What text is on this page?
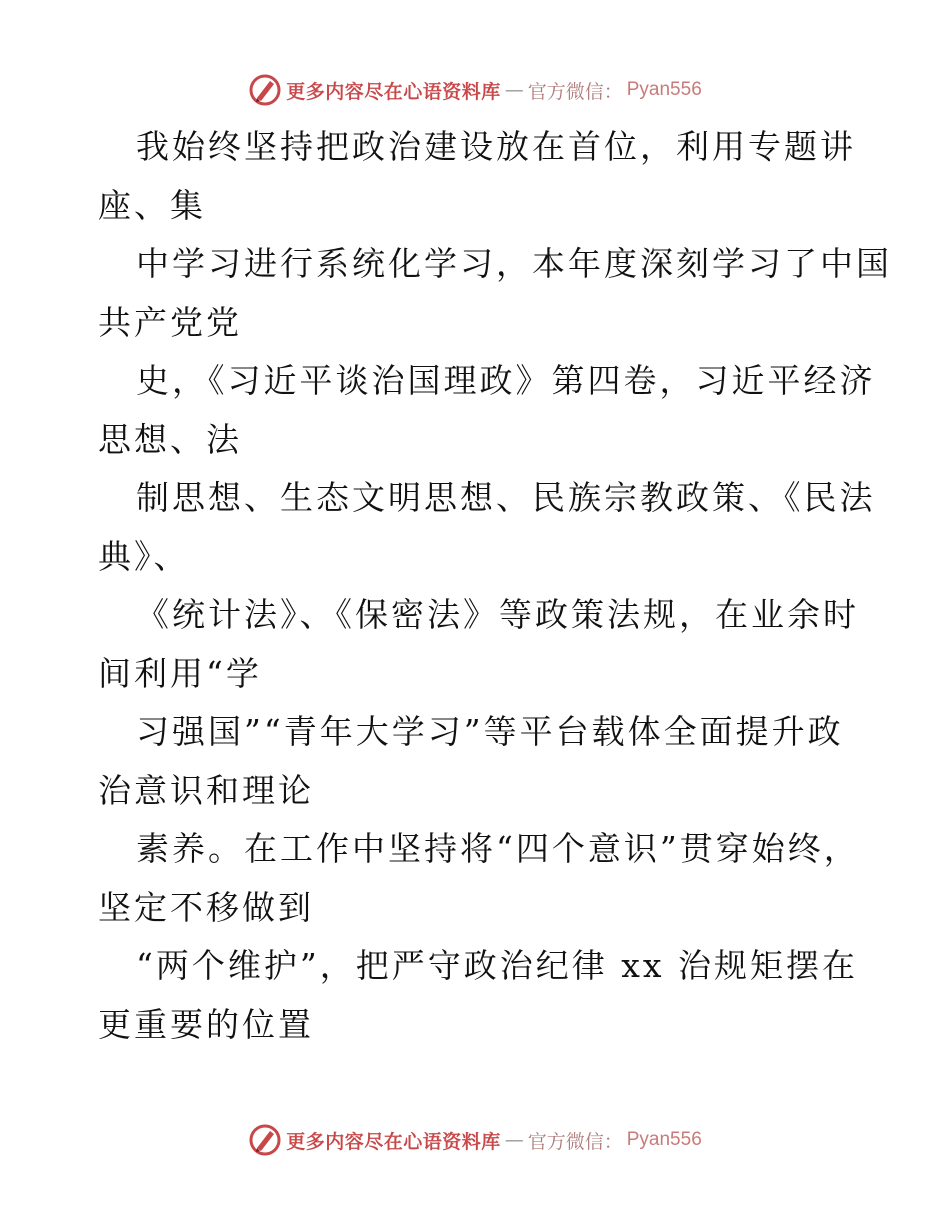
更多内容尽在心语资料库 — 官方微信： Pyan556
我始终坚持把政治建设放在首位，利用专题讲
座、集
中学习进行系统化学习，本年度深刻学习了中国
共产党党
史，《习近平谈治国理政》第四卷，习近平经济
思想、法
制思想、生态文明思想、民族宗教政策、《民法
典》、
《统计法》、《保密法》等政策法规，在业余时
间利用“学
习强国”“青年大学习”等平台载体全面提升政
治意识和理论
素养。在工作中坚持将“四个意识”贯穿始终，
坚定不移做到
“两个维护”，把严守政治纪律 xx 治规矩摆在
更重要的位置
更多内容尽在心语资料库 — 官方微信： Pyan556
